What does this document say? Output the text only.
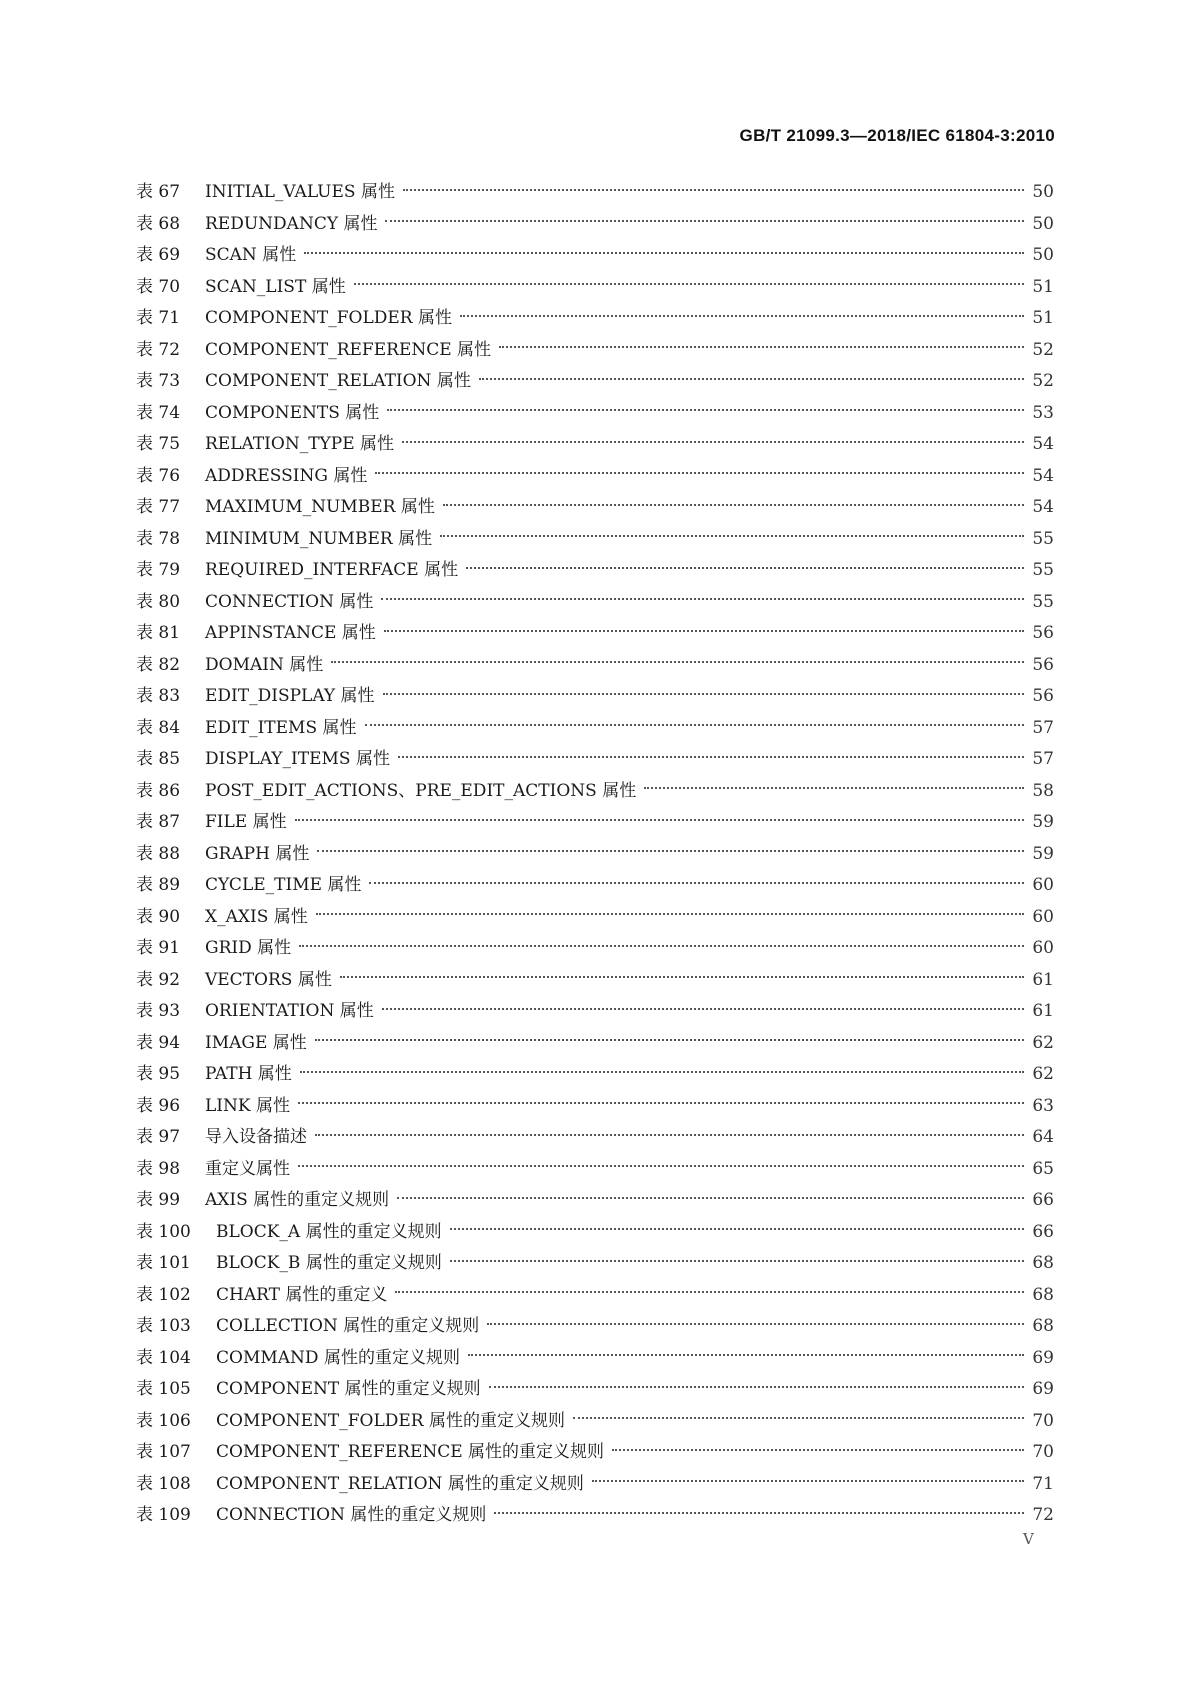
GB/T 21099.3—2018/IEC 61804-3:2010
表 67	INITIAL_VALUES 属性	50
表 68	REDUNDANCY 属性	50
表 69	SCAN 属性	50
表 70	SCAN_LIST 属性	51
表 71	COMPONENT_FOLDER 属性	51
表 72	COMPONENT_REFERENCE 属性	52
表 73	COMPONENT_RELATION 属性	52
表 74	COMPONENTS 属性	53
表 75	RELATION_TYPE 属性	54
表 76	ADDRESSING 属性	54
表 77	MAXIMUM_NUMBER 属性	54
表 78	MINIMUM_NUMBER 属性	55
表 79	REQUIRED_INTERFACE 属性	55
表 80	CONNECTION 属性	55
表 81	APPINSTANCE 属性	56
表 82	DOMAIN 属性	56
表 83	EDIT_DISPLAY 属性	56
表 84	EDIT_ITEMS 属性	57
表 85	DISPLAY_ITEMS 属性	57
表 86	POST_EDIT_ACTIONS、PRE_EDIT_ACTIONS 属性	58
表 87	FILE 属性	59
表 88	GRAPH 属性	59
表 89	CYCLE_TIME 属性	60
表 90	X_AXIS 属性	60
表 91	GRID 属性	60
表 92	VECTORS 属性	61
表 93	ORIENTATION 属性	61
表 94	IMAGE 属性	62
表 95	PATH 属性	62
表 96	LINK 属性	63
表 97	导入设备描述	64
表 98	重定义属性	65
表 99	AXIS 属性的重定义规则	66
表 100	BLOCK_A 属性的重定义规则	66
表 101	BLOCK_B 属性的重定义规则	68
表 102	CHART 属性的重定义	68
表 103	COLLECTION 属性的重定义规则	68
表 104	COMMAND 属性的重定义规则	69
表 105	COMPONENT 属性的重定义规则	69
表 106	COMPONENT_FOLDER 属性的重定义规则	70
表 107	COMPONENT_REFERENCE 属性的重定义规则	70
表 108	COMPONENT_RELATION 属性的重定义规则	71
表 109	CONNECTION 属性的重定义规则	72
V
